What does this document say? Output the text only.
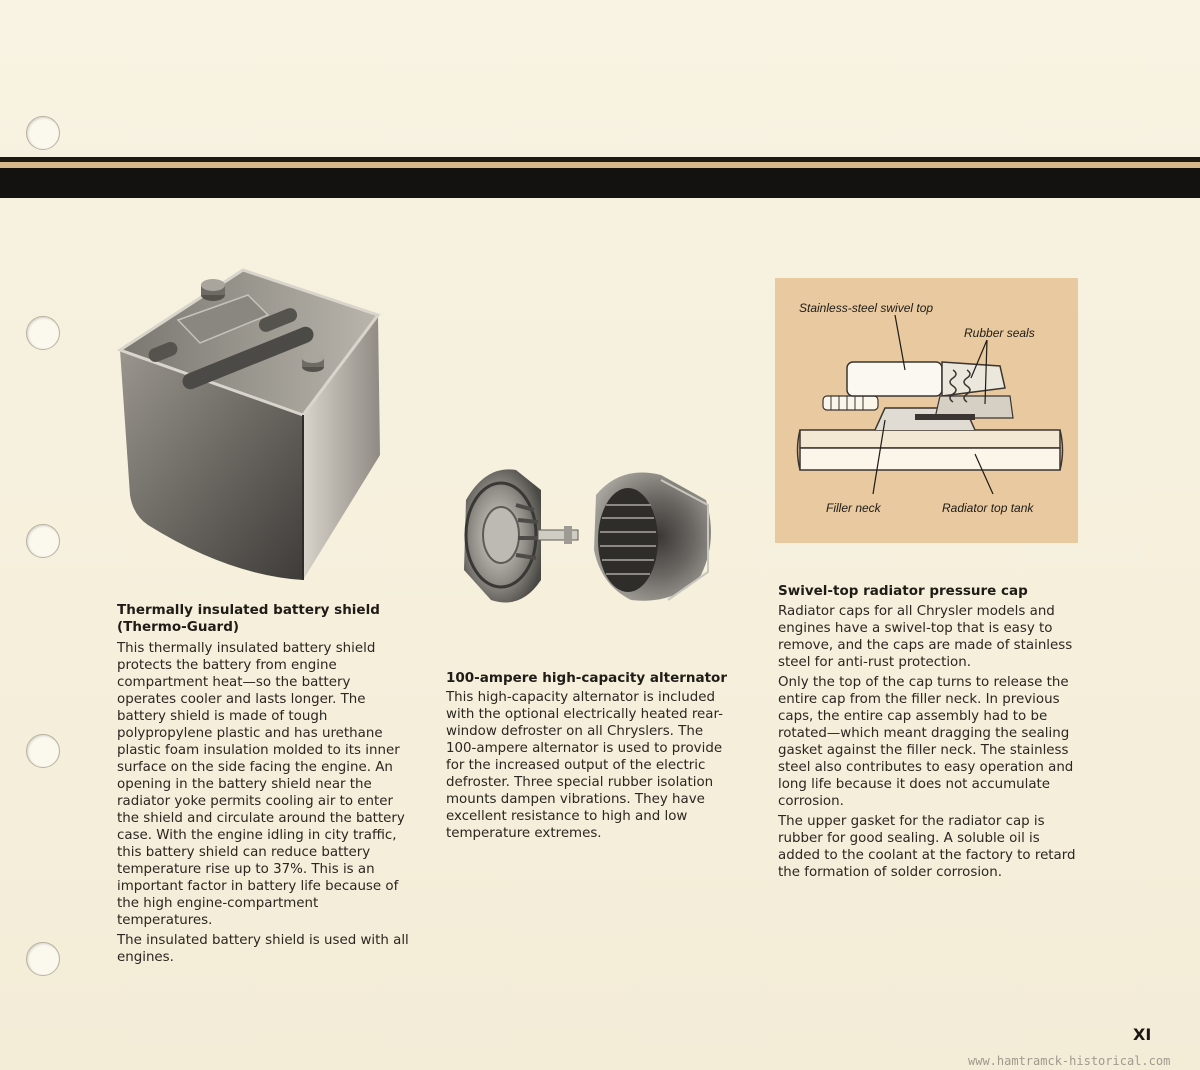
Stainless-steel swivel top
Rubber seals
Filler neck	Radiator top tank
Thermally insulated battery shield
(Thermo-Guard)

This thermally insulated battery shield protects the battery from engine compartment heat—so the battery operates cooler and lasts longer. The battery shield is made of tough polypropylene plastic and has urethane plastic foam insulation molded to its inner surface on the side facing the engine. An opening in the battery shield near the radiator yoke permits cooling air to enter the shield and circulate around the battery case. With the engine idling in city traffic, this battery shield can reduce battery temperature rise up to 37%. This is an important factor in battery life because of the high engine-compartment temperatures.

The insulated battery shield is used with all engines.

100-ampere high-capacity alternator

This high-capacity alternator is included with the optional electrically heated rear-window defroster on all Chryslers. The 100-ampere alternator is used to provide for the increased output of the electric defroster. Three special rubber isolation mounts dampen vibrations. They have excellent resistance to high and low temperature extremes.

Swivel-top radiator pressure cap

Radiator caps for all Chrysler models and engines have a swivel-top that is easy to remove, and the caps are made of stainless steel for anti-rust protection.

Only the top of the cap turns to release the entire cap from the filler neck. In previous caps, the entire cap assembly had to be rotated—which meant dragging the sealing gasket against the filler neck. The stainless steel also contributes to easy operation and long life because it does not accumulate corrosion.

The upper gasket for the radiator cap is rubber for good sealing. A soluble oil is added to the coolant at the factory to retard the formation of solder corrosion.

XI
www.hamtramck-historical.com
